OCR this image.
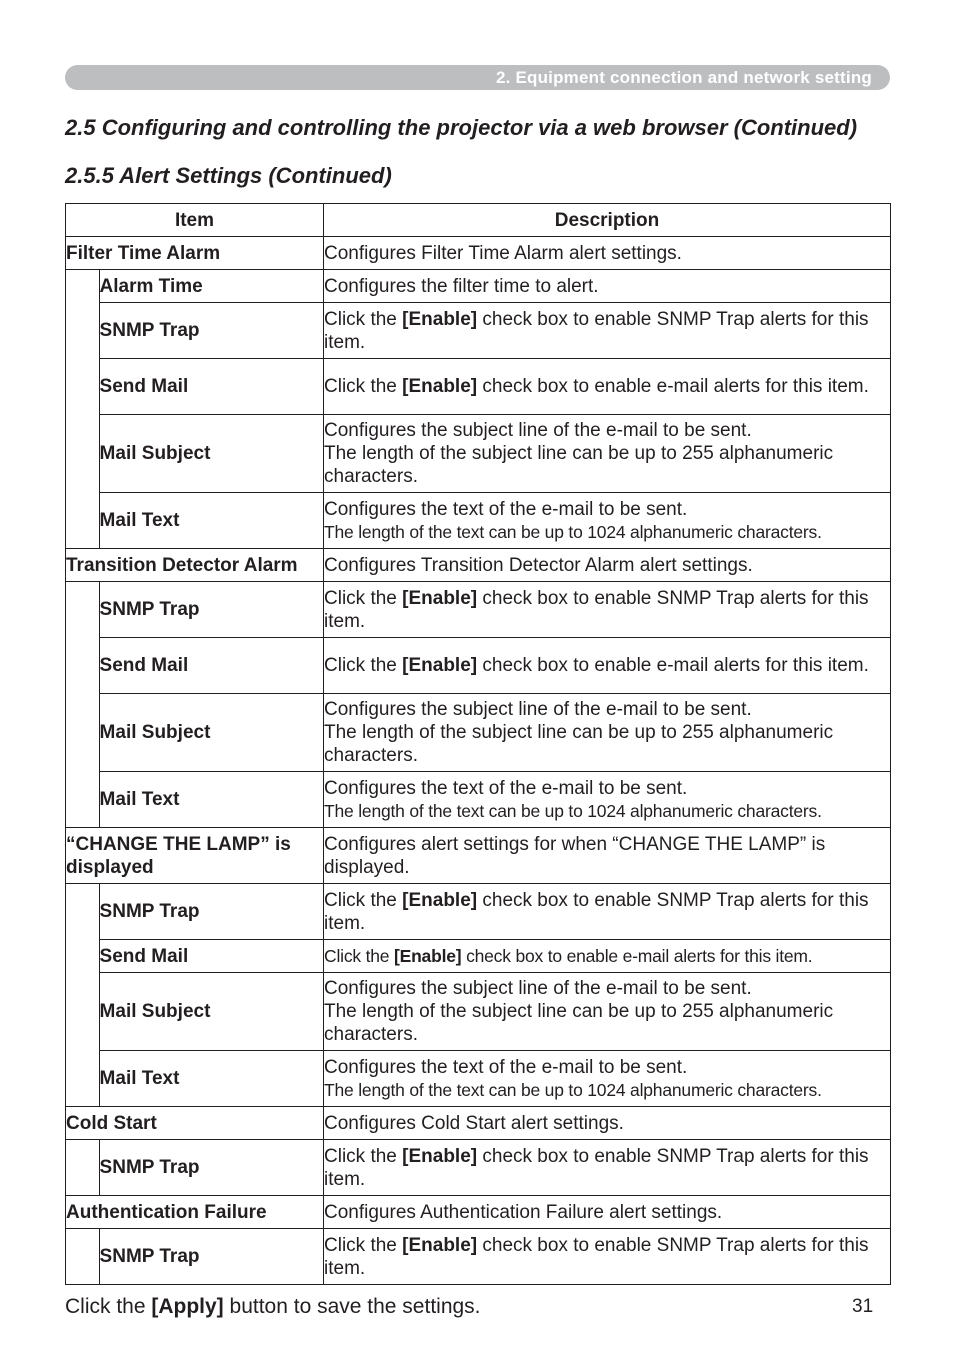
2. Equipment connection and network setting
2.5 Configuring and controlling the projector via a web browser (Continued)
2.5.5 Alert Settings (Continued)
Item		Description
Filter Time Alarm		Configures Filter Time Alarm alert settings.
	Alarm Time	Configures the filter time to alert.
	SNMP Trap	Click the [Enable] check box to enable SNMP Trap alerts for this item.
	Send Mail	Click the [Enable] check box to enable e-mail alerts for this item.
	Mail Subject	Configures the subject line of the e-mail to be sent.
The length of the subject line can be up to 255 alphanumeric characters.
	Mail Text	Configures the text of the e-mail to be sent.
The length of the text can be up to 1024 alphanumeric characters.
Transition Detector Alarm		Configures Transition Detector Alarm alert settings.
	SNMP Trap	Click the [Enable] check box to enable SNMP Trap alerts for this item.
	Send Mail	Click the [Enable] check box to enable e-mail alerts for this item.
	Mail Subject	Configures the subject line of the e-mail to be sent.
The length of the subject line can be up to 255 alphanumeric characters.
	Mail Text	Configures the text of the e-mail to be sent.
The length of the text can be up to 1024 alphanumeric characters.
“CHANGE THE LAMP” is displayed		Configures alert settings for when “CHANGE THE LAMP” is displayed.
	SNMP Trap	Click the [Enable] check box to enable SNMP Trap alerts for this item.
	Send Mail	Click the [Enable] check box to enable e-mail alerts for this item.
	Mail Subject	Configures the subject line of the e-mail to be sent.
The length of the subject line can be up to 255 alphanumeric characters.
	Mail Text	Configures the text of the e-mail to be sent.
The length of the text can be up to 1024 alphanumeric characters.
Cold Start		Configures Cold Start alert settings.
	SNMP Trap	Click the [Enable] check box to enable SNMP Trap alerts for this item.
Authentication Failure		Configures Authentication Failure alert settings.
	SNMP Trap	Click the [Enable] check box to enable SNMP Trap alerts for this item.
Click the [Apply] button to save the settings.	31
